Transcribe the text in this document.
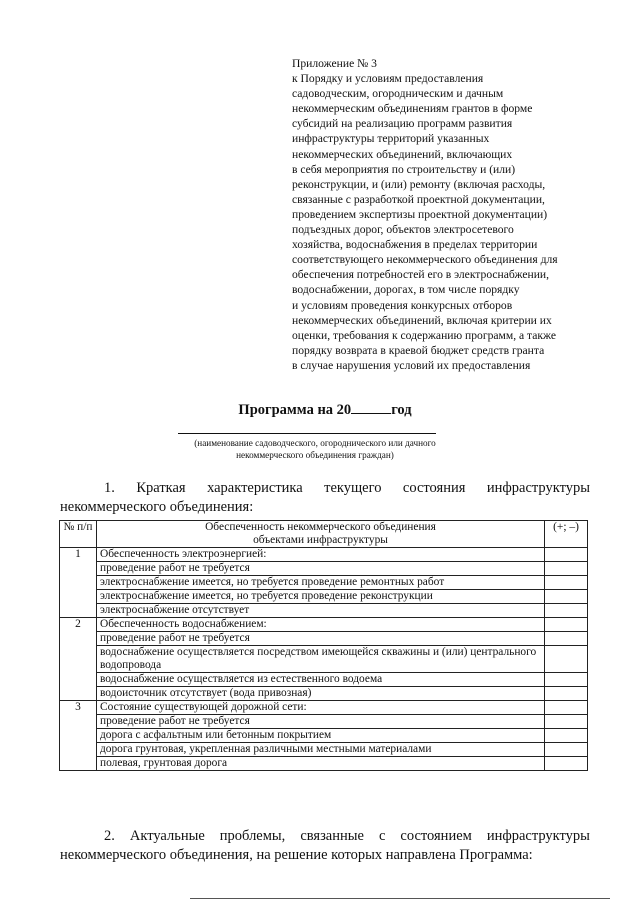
Приложение № 3
к Порядку и условиям предоставления
садоводческим, огородническим и дачным
некоммерческим объединениям грантов в форме
субсидий на реализацию программ развития
инфраструктуры территорий указанных
некоммерческих объединений, включающих
в себя мероприятия по строительству и (или)
реконструкции, и (или) ремонту (включая расходы,
связанные с разработкой проектной документации,
проведением экспертизы проектной документации)
подъездных дорог, объектов электросетевого
хозяйства, водоснабжения в пределах территории
соответствующего некоммерческого объединения для
обеспечения потребностей его в электроснабжении,
водоснабжении, дорогах, в том числе порядку
и условиям проведения конкурсных отборов
некоммерческих объединений, включая критерии их
оценки, требования к содержанию программ, а также
порядку возврата в краевой бюджет средств гранта
в случае нарушения условий их предоставления
Программа на 20	год
(наименование садоводческого, огороднического или дачного
некоммерческого объединения граждан)
1. Краткая характеристика текущего состояния инфраструктуры
некоммерческого объединения:
№ п/п	Обеспеченность некоммерческого объединения
объектами инфраструктуры	(+; –)
1	Обеспеченность электроэнергией:	
	проведение работ не требуется	
	электроснабжение имеется, но требуется проведение ремонтных работ	
	электроснабжение имеется, но требуется проведение реконструкции	
	электроснабжение отсутствует	
2	Обеспеченность водоснабжением:	
	проведение работ не требуется	
	водоснабжение осуществляется посредством имеющейся скважины и (или) центрального водопровода	
	водоснабжение осуществляется из естественного водоема	
	водоисточник отсутствует (вода привозная)	
3	Состояние существующей дорожной сети:	
	проведение работ не требуется	
	дорога с асфальтным или бетонным покрытием	
	дорога грунтовая, укрепленная различными местными материалами	
	полевая, грунтовая дорога	
2. Актуальные проблемы, связанные с состоянием инфраструктуры
некоммерческого объединения, на решение которых направлена Программа:
